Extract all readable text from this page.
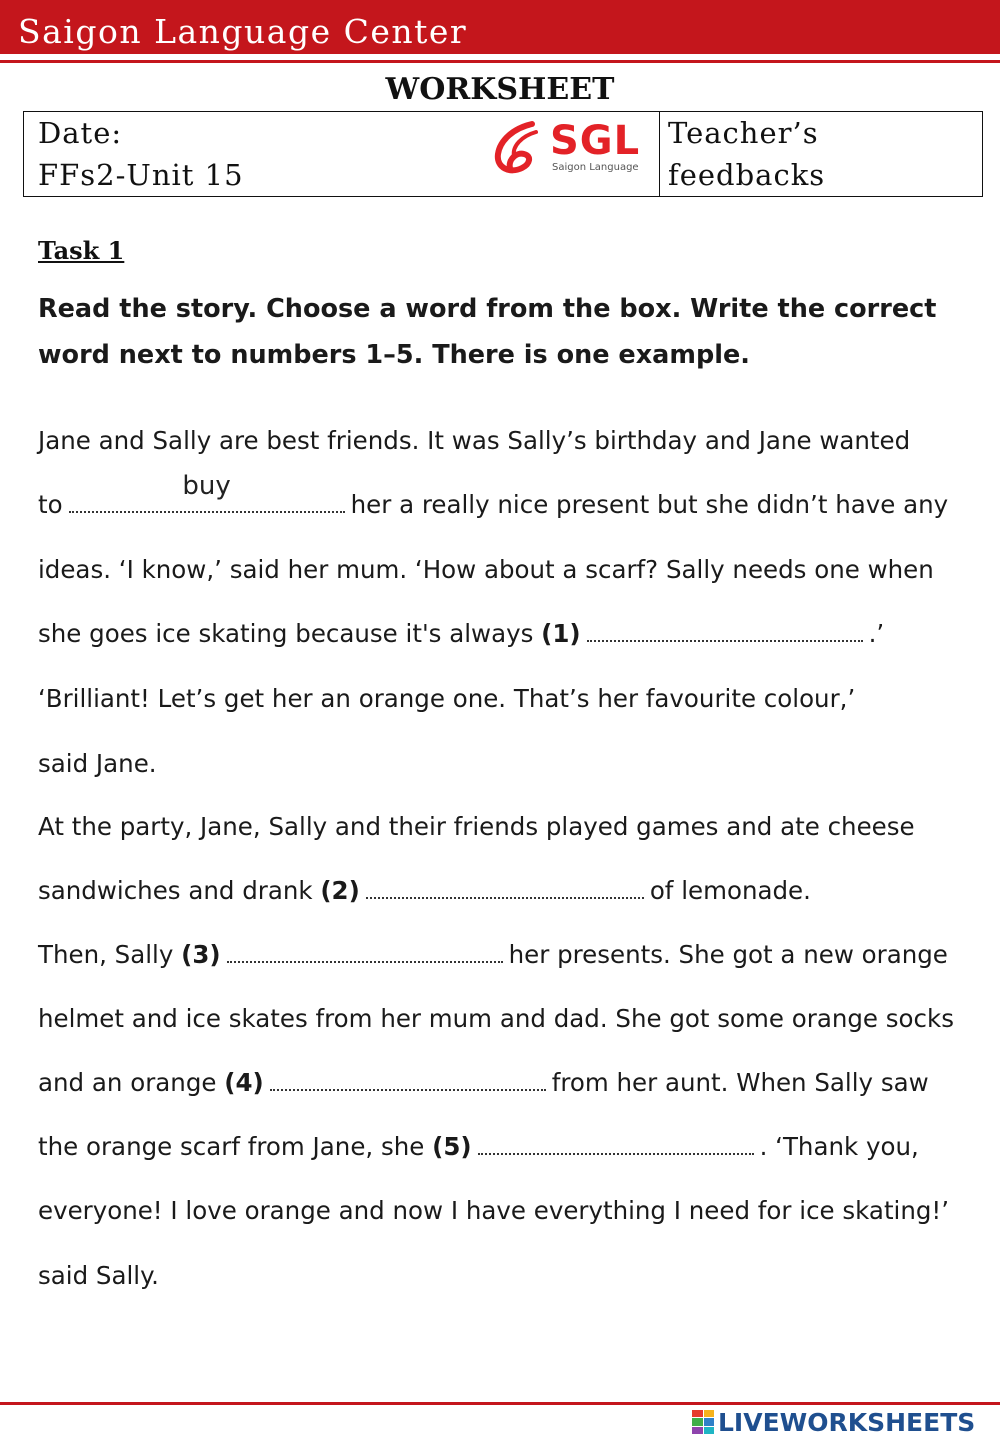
Saigon Language Center
WORKSHEET
Date:
FFs2-Unit 15
SGL
Saigon Language
Teacher’s
feedbacks
Task 1
Read the story. Choose a word from the box. Write the correct
word next to numbers 1–5. There is one example.
Jane and Sally are best friends. It was Sally’s birthday and Jane wanted
to
buy
her a really nice present but she didn’t have any
ideas. ‘I know,’ said her mum. ‘How about a scarf? Sally needs one when
she goes ice skating because it's always (1)	.’
‘Brilliant! Let’s get her an orange one. That’s her favourite colour,’
said Jane.
At the party, Jane, Sally and their friends played games and ate cheese
sandwiches and drank (2)	of lemonade.
Then, Sally (3)	her presents. She got a new orange
helmet and ice skates from her mum and dad. She got some orange socks
and an orange (4)	from her aunt. When Sally saw
the orange scarf from Jane, she (5)	. ‘Thank you,
everyone! I love orange and now I have everything I need for ice skating!’
said Sally.
LIVEWORKSHEETS
